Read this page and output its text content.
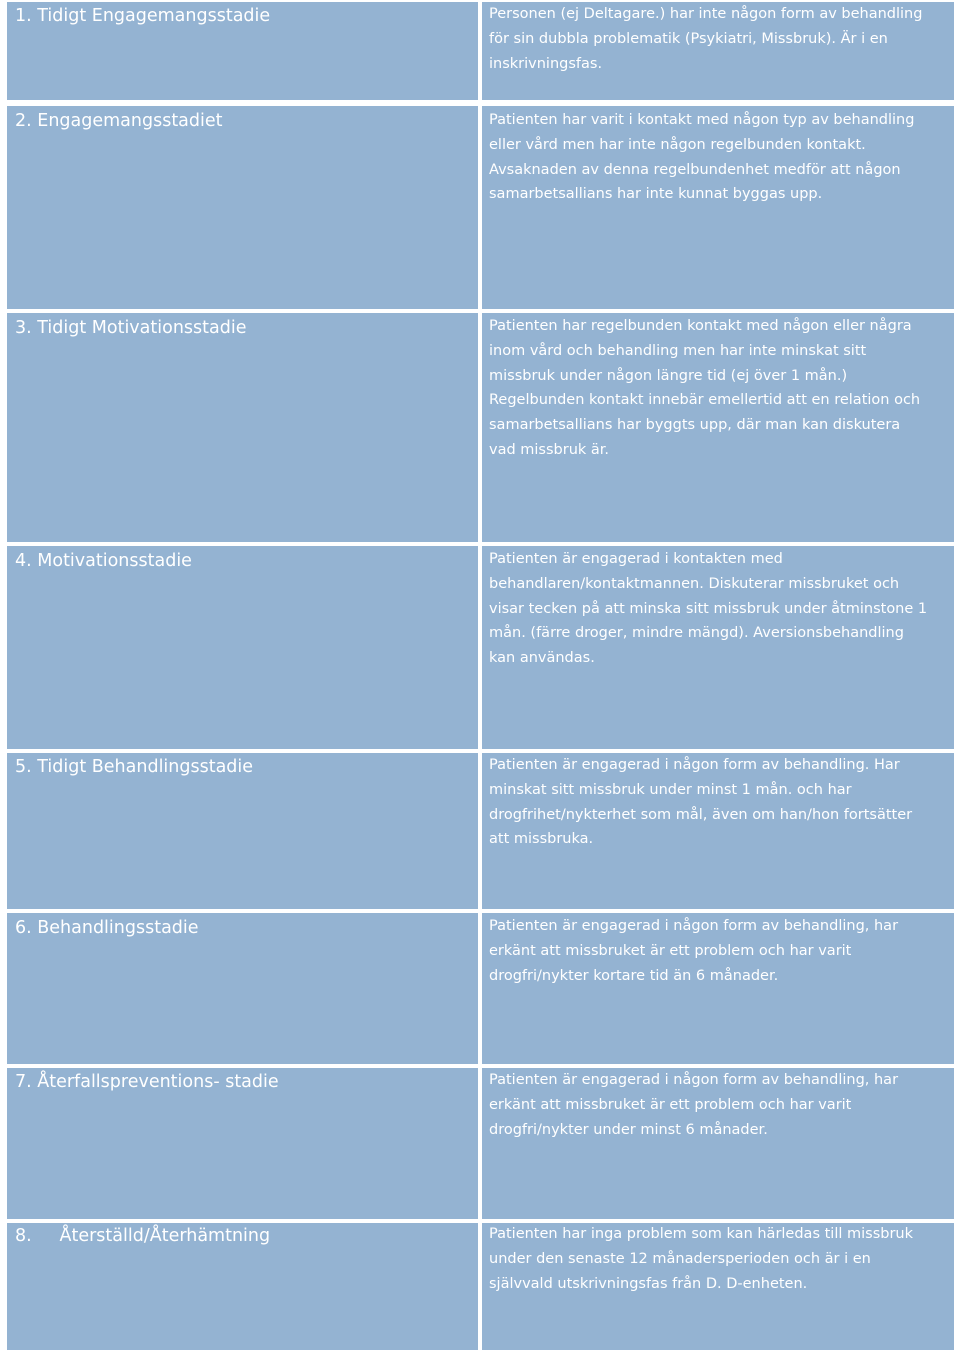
1. Tidigt Engagemangsstadie	Personen (ej Deltagare.) har inte någon form av behandling
för sin dubbla problematik (Psykiatri, Missbruk). Är i en
inskrivningsfas.
2. Engagemangsstadiet	Patienten har varit i kontakt med någon typ av behandling
eller vård men har inte någon regelbunden kontakt.
Avsaknaden av denna regelbundenhet medför att någon
samarbetsallians har inte kunnat byggas upp.
3. Tidigt Motivationsstadie	Patienten har regelbunden kontakt med någon eller några
inom vård och behandling men har inte minskat sitt
missbruk under någon längre tid (ej över 1 mån.)
Regelbunden kontakt innebär emellertid att en relation och
samarbetsallians har byggts upp, där man kan diskutera
vad missbruk är.
4. Motivationsstadie	Patienten är engagerad i kontakten med
behandlaren/kontaktmannen. Diskuterar missbruket och
visar tecken på att minska sitt missbruk under åtminstone 1
mån. (färre droger, mindre mängd). Aversionsbehandling
kan användas.
5. Tidigt Behandlingsstadie	Patienten är engagerad i någon form av behandling. Har
minskat sitt missbruk under minst 1 mån. och har
drogfrihet/nykterhet som mål, även om han/hon fortsätter
att missbruka.
6. Behandlingsstadie	Patienten är engagerad i någon form av behandling, har
erkänt att missbruket är ett problem och har varit
drogfri/nykter kortare tid än 6 månader.
7. Återfallspreventions- stadie	Patienten är engagerad i någon form av behandling, har
erkänt att missbruket är ett problem och har varit
drogfri/nykter under minst 6 månader.
8.     Återställd/Återhämtning	Patienten har inga problem som kan härledas till missbruk
under den senaste 12 månadersperioden och är i en
självvald utskrivningsfas från D. D-enheten.
